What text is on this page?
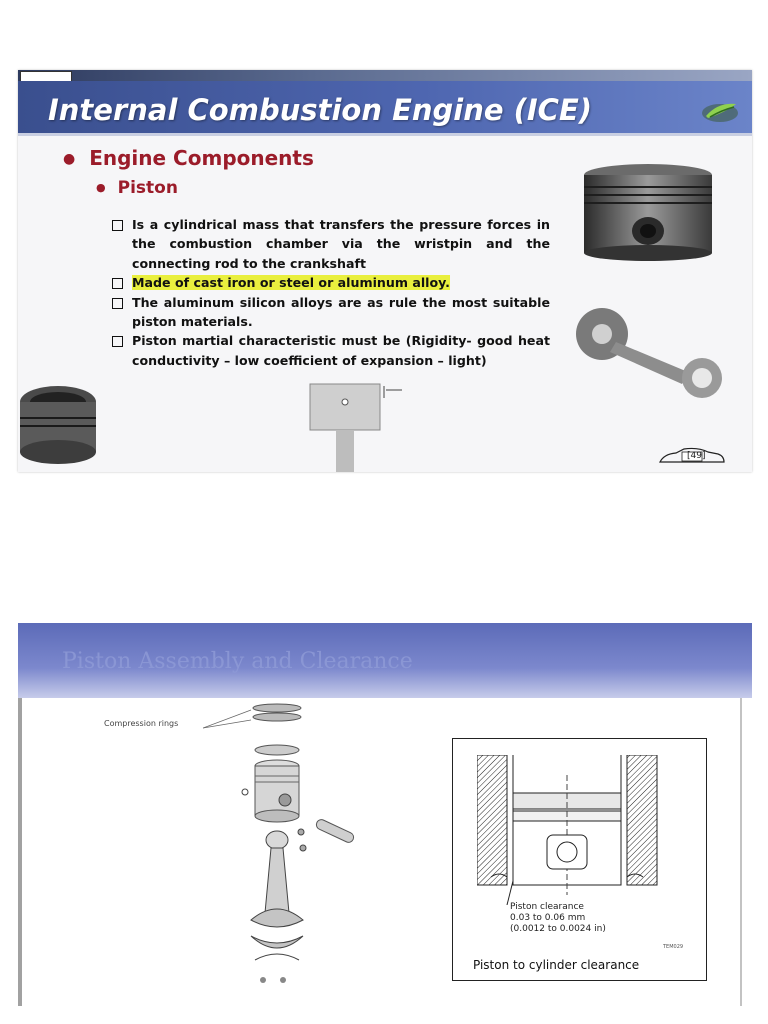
Internal Combustion Engine (ICE)
● Engine Components
● Piston
Is a cylindrical mass that transfers the pressure forces in the combustion chamber via the wristpin and the connecting rod to the crankshaft
Made of cast iron or steel or aluminum alloy.
The aluminum silicon alloys are as rule the most suitable piston materials.
Piston martial characteristic must be (Rigidity- good heat conductivity – low coefficient of expansion – light)
[49]
Piston Assembly and Clearance
Compression rings
Piston clearance
0.03 to 0.06 mm
(0.0012 to 0.0024 in)
TEM029
Piston to cylinder clearance
